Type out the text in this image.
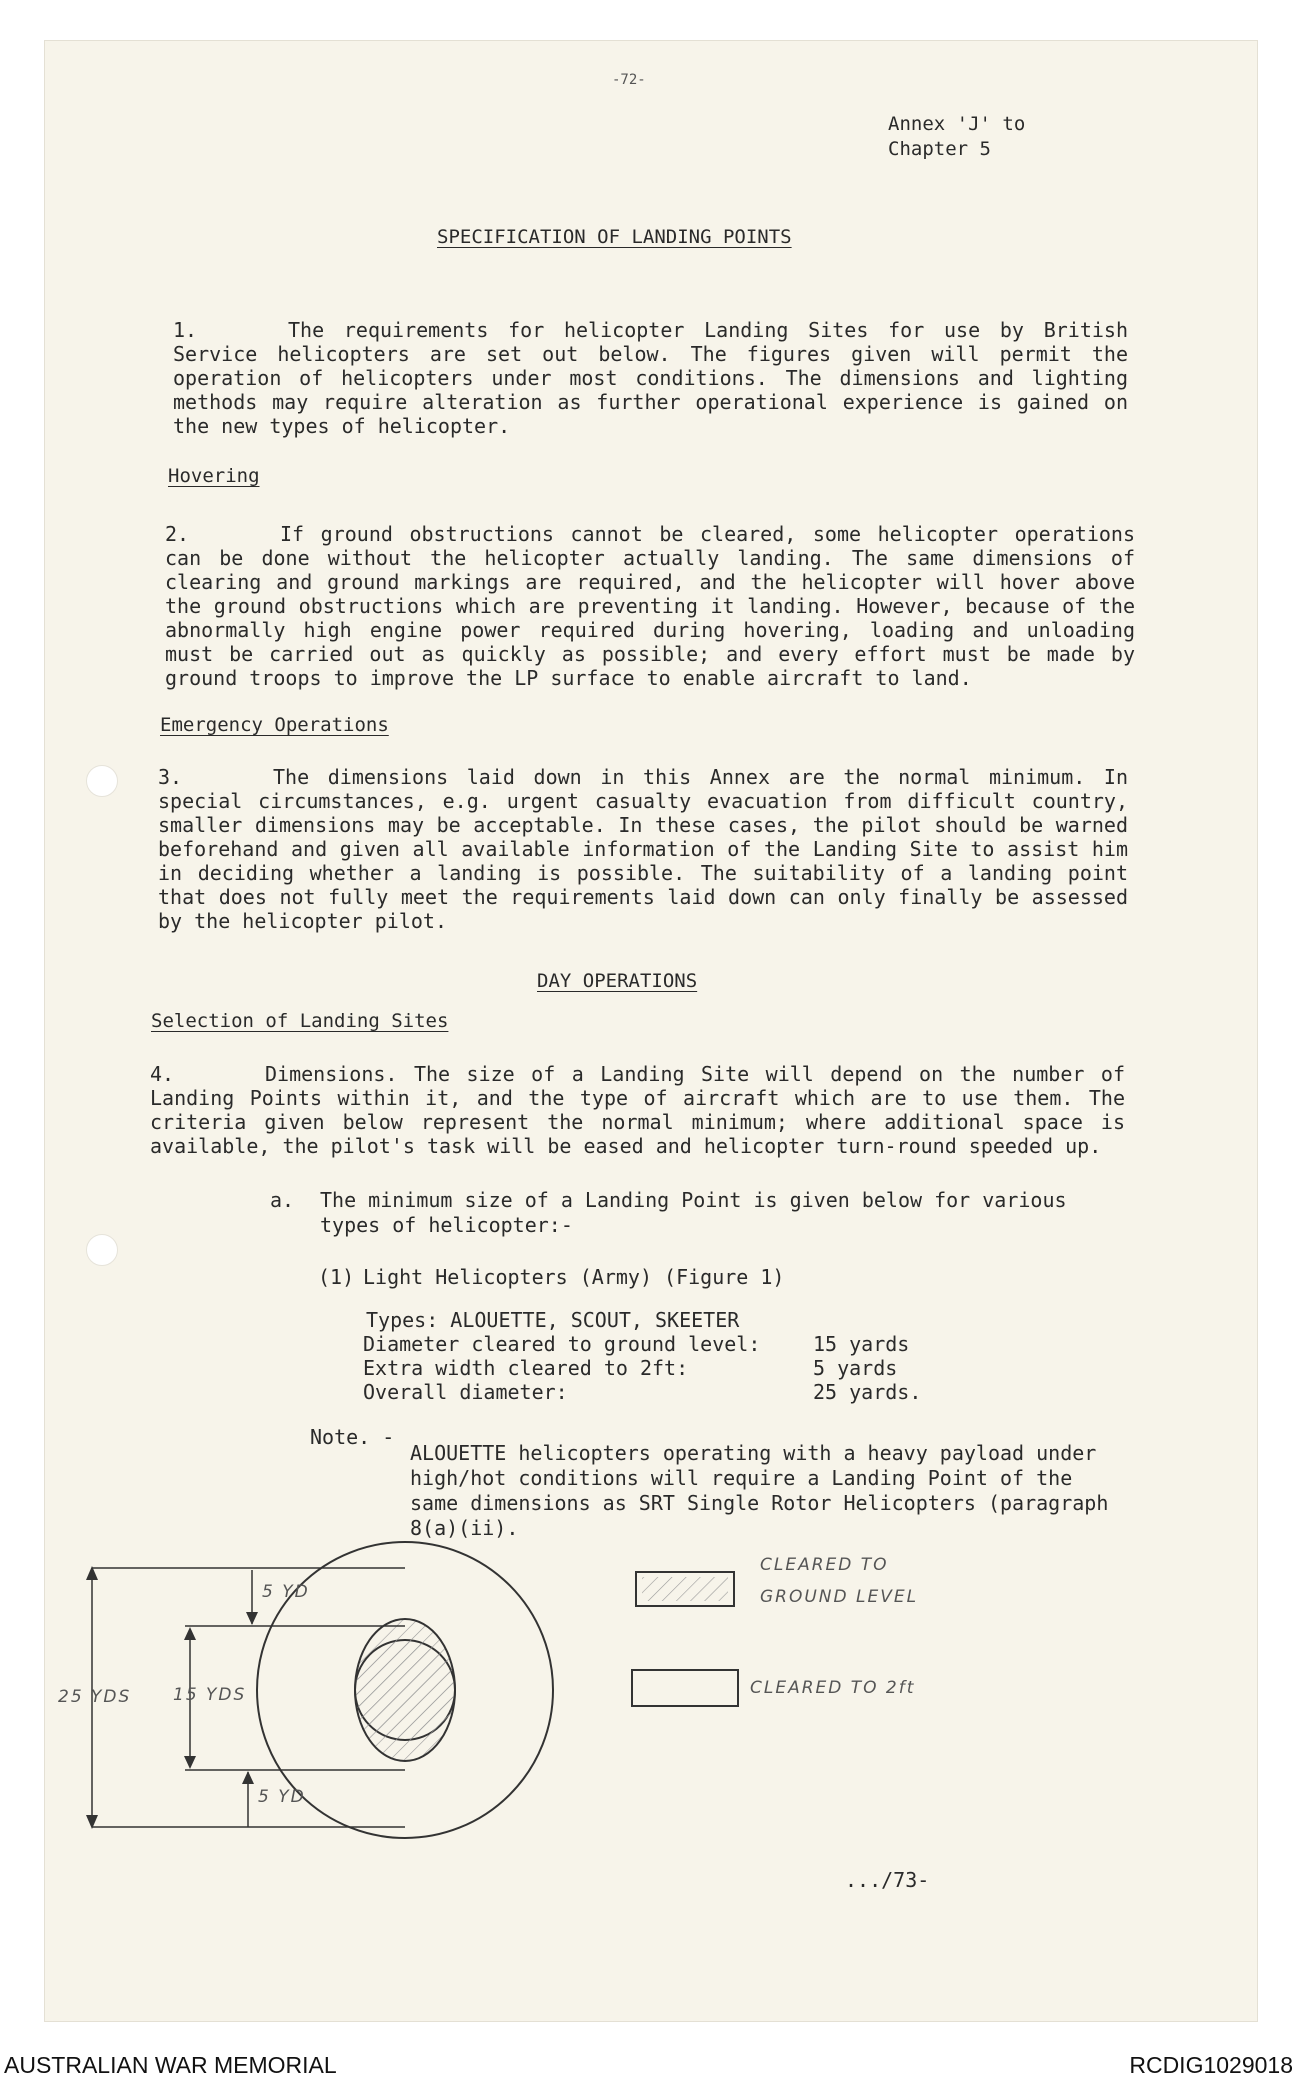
-72-
Annex 'J' to
Chapter 5
SPECIFICATION OF LANDING POINTS
1.	The requirements for helicopter Landing Sites for use by British Service helicopters are set out below. The figures given will permit the operation of helicopters under most conditions. The dimensions and lighting methods may require alteration as further operational experience is gained on the new types of helicopter.
Hovering
2.	If ground obstructions cannot be cleared, some helicopter operations can be done without the helicopter actually landing. The same dimensions of clearing and ground markings are required, and the helicopter will hover above the ground obstructions which are preventing it landing. However, because of the abnormally high engine power required during hovering, loading and unloading must be carried out as quickly as possible; and every effort must be made by ground troops to improve the LP surface to enable aircraft to land.
Emergency Operations
3.	The dimensions laid down in this Annex are the normal minimum. In special circumstances, e.g. urgent casualty evacuation from difficult country, smaller dimensions may be acceptable. In these cases, the pilot should be warned beforehand and given all available information of the Landing Site to assist him in deciding whether a landing is possible. The suitability of a landing point that does not fully meet the requirements laid down can only finally be assessed by the helicopter pilot.
DAY OPERATIONS
Selection of Landing Sites
4.	Dimensions. The size of a Landing Site will depend on the number of Landing Points within it, and the type of aircraft which are to use them. The criteria given below represent the normal minimum; where additional space is available, the pilot's task will be eased and helicopter turn-round speeded up.
a.	The minimum size of a Landing Point is given below for various types of helicopter:-
(1) Light Helicopters (Army) (Figure 1)
Types: ALOUETTE, SCOUT, SKEETER
Diameter cleared to ground level:	15 yards
Extra width cleared to 2ft:	5 yards
Overall diameter:	25 yards.
Note. -
ALOUETTE helicopters operating with a heavy payload under high/hot conditions will require a Landing Point of the same dimensions as SRT Single Rotor Helicopters (paragraph 8(a)(ii).
5 YD
15 YDS
25 YDS
5 YD
CLEARED TO
GROUND LEVEL
CLEARED TO 2ft
.../73-
AUSTRALIAN WAR MEMORIAL	RCDIG1029018
